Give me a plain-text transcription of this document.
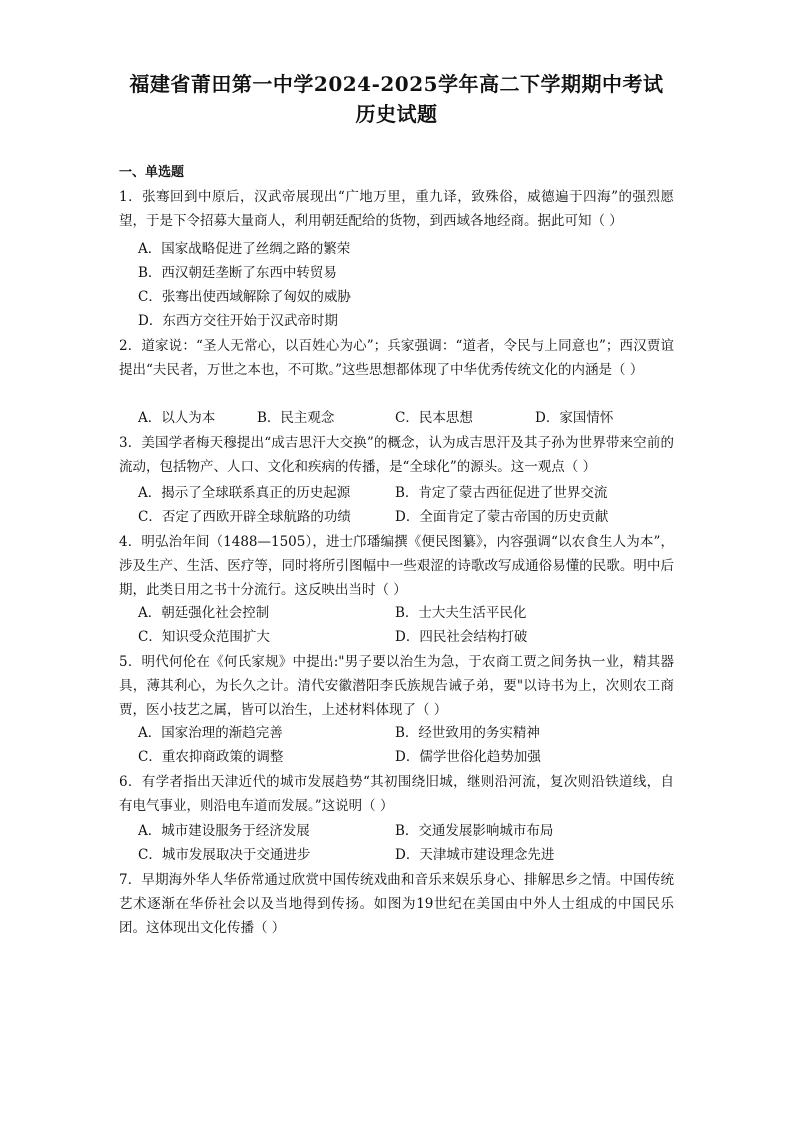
福建省莆田第一中学2024-2025学年高二下学期期中考试
历史试题
一、单选题
1．张骞回到中原后，汉武帝展现出“广地万里，重九译，致殊俗，威德遍于四海”的强烈愿望，于是下令招募大量商人，利用朝廷配给的货物，到西域各地经商。据此可知（ ）
A．国家战略促进了丝绸之路的繁荣
B．西汉朝廷垄断了东西中转贸易
C．张骞出使西域解除了匈奴的威胁
D．东西方交往开始于汉武帝时期
2．道家说：“圣人无常心，以百姓心为心”；兵家强调：“道者，令民与上同意也”；西汉贾谊提出“夫民者，万世之本也，不可欺。”这些思想都体现了中华优秀传统文化的内涵是（ ）
A．以人为本	B．民主观念	C．民本思想	D．家国情怀
3．美国学者梅天穆提出“成吉思汗大交换”的概念，认为成吉思汗及其子孙为世界带来空前的流动，包括物产、人口、文化和疾病的传播，是“全球化”的源头。这一观点（ ）
A．揭示了全球联系真正的历史起源	B．肯定了蒙古西征促进了世界交流
C．否定了西欧开辟全球航路的功绩	D．全面肯定了蒙古帝国的历史贡献
4．明弘治年间（1488—1505），进士邝璠编撰《便民图纂》，内容强调“以农食生人为本”，涉及生产、生活、医疗等，同时将所引图幅中一些艰涩的诗歌改写成通俗易懂的民歌。明中后期，此类日用之书十分流行。这反映出当时（ ）
A．朝廷强化社会控制	B．士大夫生活平民化
C．知识受众范围扩大	D．四民社会结构打破
5．明代何伦在《何氏家规》中提出:"男子要以治生为急，于农商工贾之间务执一业，精其器具，薄其利心，为长久之计。清代安徽潜阳李氏族规告诫子弟，要"以诗书为上，次则农工商贾，医小技艺之属，皆可以治生，上述材料体现了（ ）
A．国家治理的渐趋完善	B．经世致用的务实精神
C．重农抑商政策的调整	D．儒学世俗化趋势加强
6．有学者指出天津近代的城市发展趋势“其初围绕旧城，继则沿河流，复次则沿铁道线，自有电气事业，则沿电车道而发展。”这说明（ ）
A．城市建设服务于经济发展	B．交通发展影响城市布局
C．城市发展取决于交通进步	D．天津城市建设理念先进
7．早期海外华人华侨常通过欣赏中国传统戏曲和音乐来娱乐身心、排解思乡之情。中国传统艺术逐渐在华侨社会以及当地得到传扬。如图为19世纪在美国由中外人士组成的中国民乐团。这体现出文化传播（ ）
